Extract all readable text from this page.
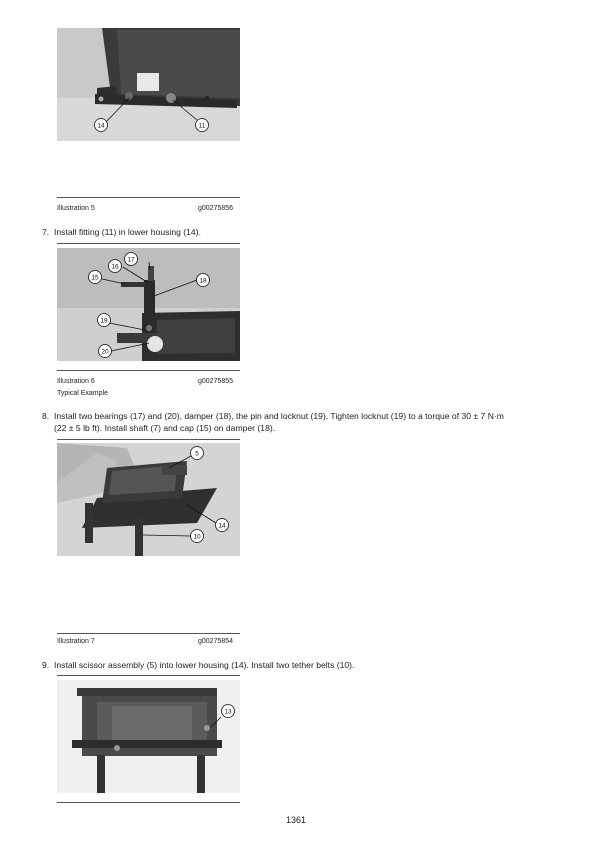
14	11
Illustration 5	g00275856
7. Install fitting (11) in lower housing (14).
17
16
15	18
19
20
Illustration 6	g00275855
Typical Example
8. Install two bearings (17) and (20), damper (18), the pin and locknut (19). Tighten locknut (19) to a torque of 30 ± 7 N·m
(22 ± 5 lb ft). Install shaft (7) and cap (15) on damper (18).
5
14
10
Illustration 7	g00275854
9. Install scissor assembly (5) into lower housing (14). Install two tether belts (10).
13
1361
